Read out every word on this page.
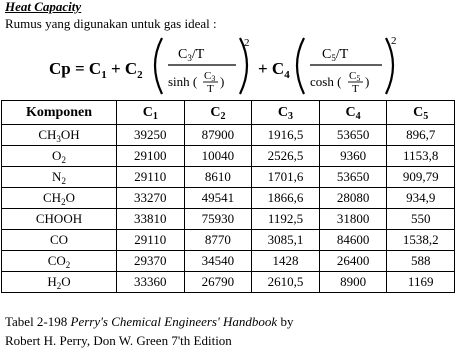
Heat Capacity
Rumus yang digunakan untuk gas ideal :
$Cp = C_1 + C_2$
$C_3/T$
sinh ( C3
T )
2
+ $C_4$
$C_5/T$
cosh ( C5
T )
2
Komponen	$C_1$	$C_2$	$C_3$	$C_4$	$C_5$
$CH_3OH$	39250	87900	1916,5	53650	896,7
$O_2$	29100	10040	2526,5	9360	1153,8
$N_2$	29110	8610	1701,6	53650	909,79
$CH_2O$	33270	49541	1866,6	28080	934,9
CHOOH	33810	75930	1192,5	31800	550
CO	29110	8770	3085,1	84600	1538,2
$CO_2$	29370	34540	1428	26400	588
$H_2O$	33360	26790	2610,5	8900	1169
Tabel 2-198 Perry's Chemical Engineers' Handbook by
Robert H. Perry, Don W. Green 7'th Edition
